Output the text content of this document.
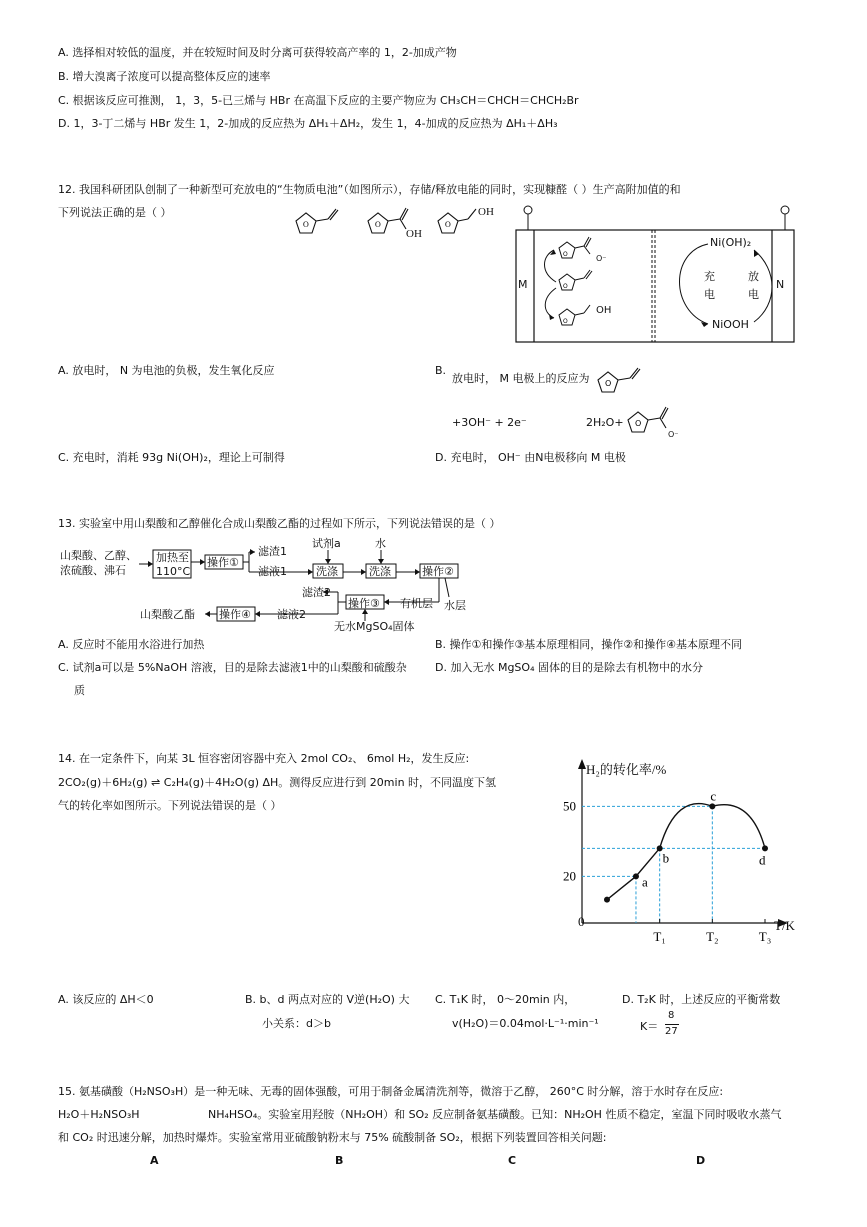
A. 选择相对较低的温度，并在较短时间及时分离可获得较高产率的 1，2-加成产物
B. 增大溴离子浓度可以提高整体反应的速率
C. 根据该反应可推测， 1，3，5-已三烯与 HBr 在高温下反应的主要产物应为 CH₃CH＝CHCH＝CHCH₂Br
D. 1，3-丁二烯与 HBr 发生 1，2-加成的反应热为 ΔH₁＋ΔH₂，发生 1，4-加成的反应热为 ΔH₁＋ΔH₃
12. 我国科研团队创制了一种新型可充放电的“生物质电池”（如图所示），存储/释放电能的同时，实现糠醛（ ）生产高附加值的和
下列说法正确的是（ ）
O	O
OH
O
OH
O
O
O
M	N
O⁻
OH
Ni(OH)₂
NiOOH
充
电
放
电
A. 放电时， N 为电池的负极，发生氧化反应	B.
放电时， M 电极上的反应为 O
+3OH⁻ + 2e⁻	2H₂O+ O
O⁻
C. 充电时，消耗 93g Ni(OH)₂，理论上可制得	D. 充电时， OH⁻ 由N电极移向 M 电极
13. 实验室中用山梨酸和乙醇催化合成山梨酸乙酯的过程如下所示，下列说法错误的是（ ）
山梨酸、乙醇、
浓硫酸、沸石
加热至
110°C
操作①
滤渣1
滤液1
试剂a	水
洗涤	洗涤	操作②
滤渣2
操作③ 有机层 水层
山梨酸乙酯 操作④ 滤液2
无水MgSO₄固体
A. 反应时不能用水浴进行加热	B. 操作①和操作③基本原理相同，操作②和操作④基本原理不同
C. 试剂a可以是 5%NaOH 溶液，目的是除去滤液1中的山梨酸和硫酸杂
质
D. 加入无水 MgSO₄ 固体的目的是除去有机物中的水分
14. 在一定条件下，向某 3L 恒容密闭容器中充入 2mol CO₂、 6mol H₂，发生反应:
2CO₂(g)＋6H₂(g) ⇌ C₂H₄(g)＋4H₂O(g) ΔH。测得反应进行到 20min 时，不同温度下氢
气的转化率如图所示。下列说法错误的是（ ）
a
b
c
d
20
50
T₁	T₂	T₃
H₂的转化率/%
T/K
0
A. 该反应的 ΔH＜0	B. b、d 两点对应的 V逆(H₂O) 大
小关系：d＞b
C. T₁K 时， 0～20min 内，
v(H₂O)＝0.04mol·L⁻¹·min⁻¹
D. T₂K 时，上述反应的平衡常数
K＝
8
27
15. 氨基磺酸（H₂NSO₃H）是一种无味、无毒的固体强酸，可用于制备金属清洗剂等，微溶于乙醇， 260°C 时分解，溶于水时存在反应:
H₂O＋H₂NSO₃H	NH₄HSO₄。实验室用羟胺（NH₂OH）和 SO₂ 反应制备氨基磺酸。已知：NH₂OH 性质不稳定，室温下同时吸收水蒸气
和 CO₂ 时迅速分解，加热时爆炸。实验室常用亚硫酸钠粉末与 75% 硫酸制备 SO₂，根据下列装置回答相关问题:
A	B	C	D
